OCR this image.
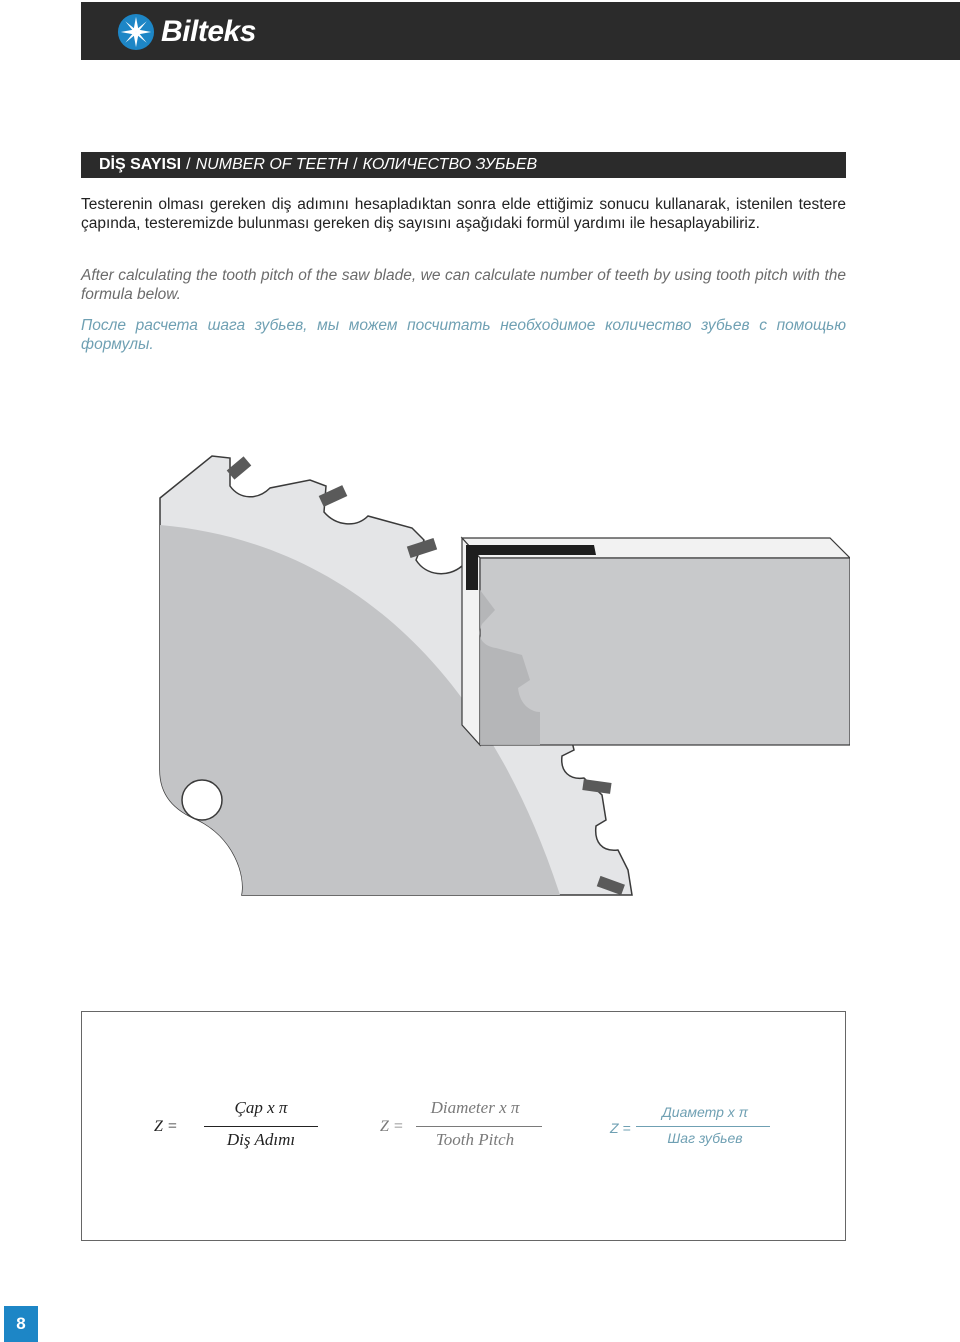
Bilteks
DİŞ SAYISI / NUMBER OF TEETH / КОЛИЧЕСТВО ЗУБЬЕВ

Testerenin olması gereken diş adımını hesapladıktan sonra elde ettiğimiz sonucu kullanarak, istenilen testere çapında, testeremizde bulunması gereken diş sayısını aşağıdaki formül yardımı ile hesaplayabiliriz.

After calculating the tooth pitch of the saw blade, we can calculate number of teeth by using tooth pitch with the formula below.

После расчета шага зубьев, мы можем посчитать необходимое количество зубьев с помощью формулы.

Z =
Çap x π
Diş Adımı
Z =
Diameter x π
Tooth Pitch
Z =
Диаметр x π
Шаг зубьев
8
